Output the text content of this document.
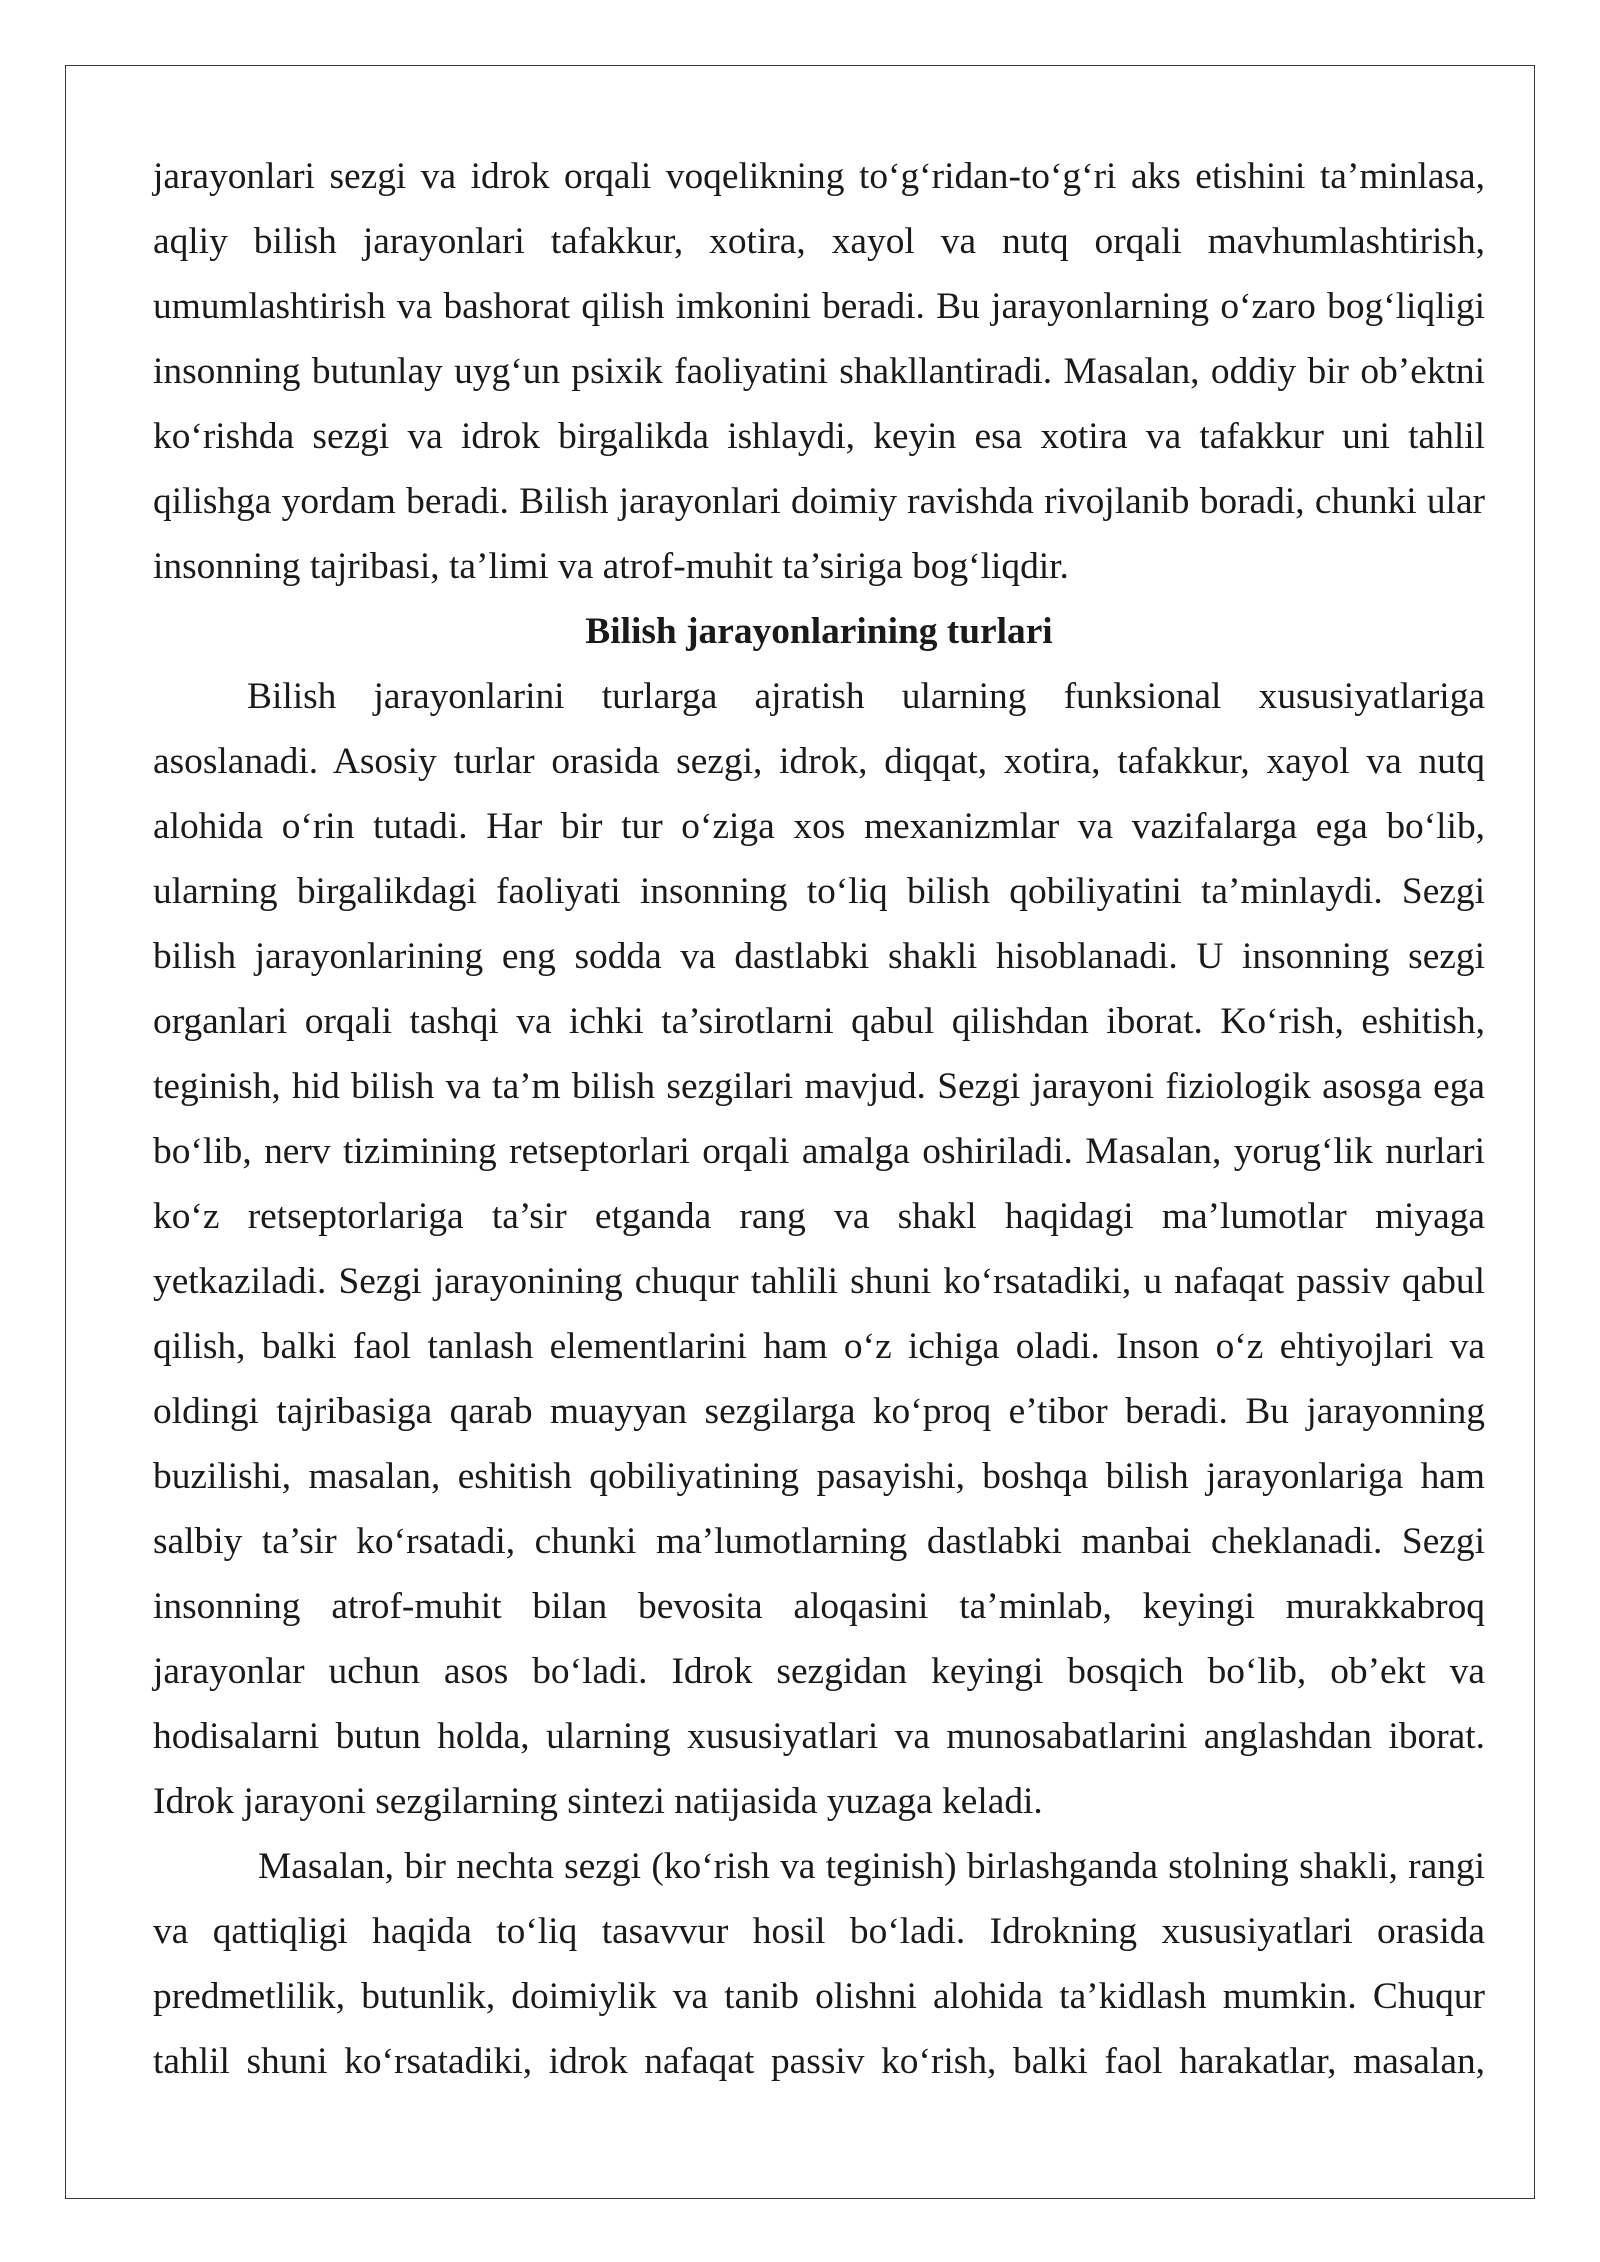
jarayonlari sezgi va idrok orqali voqelikning to‘g‘ridan-to‘g‘ri aks etishini ta’minlasa,
aqliy bilish jarayonlari tafakkur, xotira, xayol va nutq orqali mavhumlashtirish,
umumlashtirish va bashorat qilish imkonini beradi. Bu jarayonlarning o‘zaro bog‘liqligi
insonning butunlay uyg‘un psixik faoliyatini shakllantiradi. Masalan, oddiy bir ob’ektni
ko‘rishda sezgi va idrok birgalikda ishlaydi, keyin esa xotira va tafakkur uni tahlil
qilishga yordam beradi. Bilish jarayonlari doimiy ravishda rivojlanib boradi, chunki ular
insonning tajribasi, ta’limi va atrof-muhit ta’siriga bog‘liqdir.
Bilish jarayonlarining turlari
Bilish jarayonlarini turlarga ajratish ularning funksional xususiyatlariga
asoslanadi. Asosiy turlar orasida sezgi, idrok, diqqat, xotira, tafakkur, xayol va nutq
alohida o‘rin tutadi. Har bir tur o‘ziga xos mexanizmlar va vazifalarga ega bo‘lib,
ularning birgalikdagi faoliyati insonning to‘liq bilish qobiliyatini ta’minlaydi. Sezgi
bilish jarayonlarining eng sodda va dastlabki shakli hisoblanadi. U insonning sezgi
organlari orqali tashqi va ichki ta’sirotlarni qabul qilishdan iborat. Ko‘rish, eshitish,
teginish, hid bilish va ta’m bilish sezgilari mavjud. Sezgi jarayoni fiziologik asosga ega
bo‘lib, nerv tizimining retseptorlari orqali amalga oshiriladi. Masalan, yorug‘lik nurlari
ko‘z retseptorlariga ta’sir etganda rang va shakl haqidagi ma’lumotlar miyaga
yetkaziladi. Sezgi jarayonining chuqur tahlili shuni ko‘rsatadiki, u nafaqat passiv qabul
qilish, balki faol tanlash elementlarini ham o‘z ichiga oladi. Inson o‘z ehtiyojlari va
oldingi tajribasiga qarab muayyan sezgilarga ko‘proq e’tibor beradi. Bu jarayonning
buzilishi, masalan, eshitish qobiliyatining pasayishi, boshqa bilish jarayonlariga ham
salbiy ta’sir ko‘rsatadi, chunki ma’lumotlarning dastlabki manbai cheklanadi. Sezgi
insonning atrof-muhit bilan bevosita aloqasini ta’minlab, keyingi murakkabroq
jarayonlar uchun asos bo‘ladi. Idrok sezgidan keyingi bosqich bo‘lib, ob’ekt va
hodisalarni butun holda, ularning xususiyatlari va munosabatlarini anglashdan iborat.
Idrok jarayoni sezgilarning sintezi natijasida yuzaga keladi.
Masalan, bir nechta sezgi (ko‘rish va teginish) birlashganda stolning shakli, rangi
va qattiqligi haqida to‘liq tasavvur hosil bo‘ladi. Idrokning xususiyatlari orasida
predmetlilik, butunlik, doimiylik va tanib olishni alohida ta’kidlash mumkin. Chuqur
tahlil shuni ko‘rsatadiki, idrok nafaqat passiv ko‘rish, balki faol harakatlar, masalan,
